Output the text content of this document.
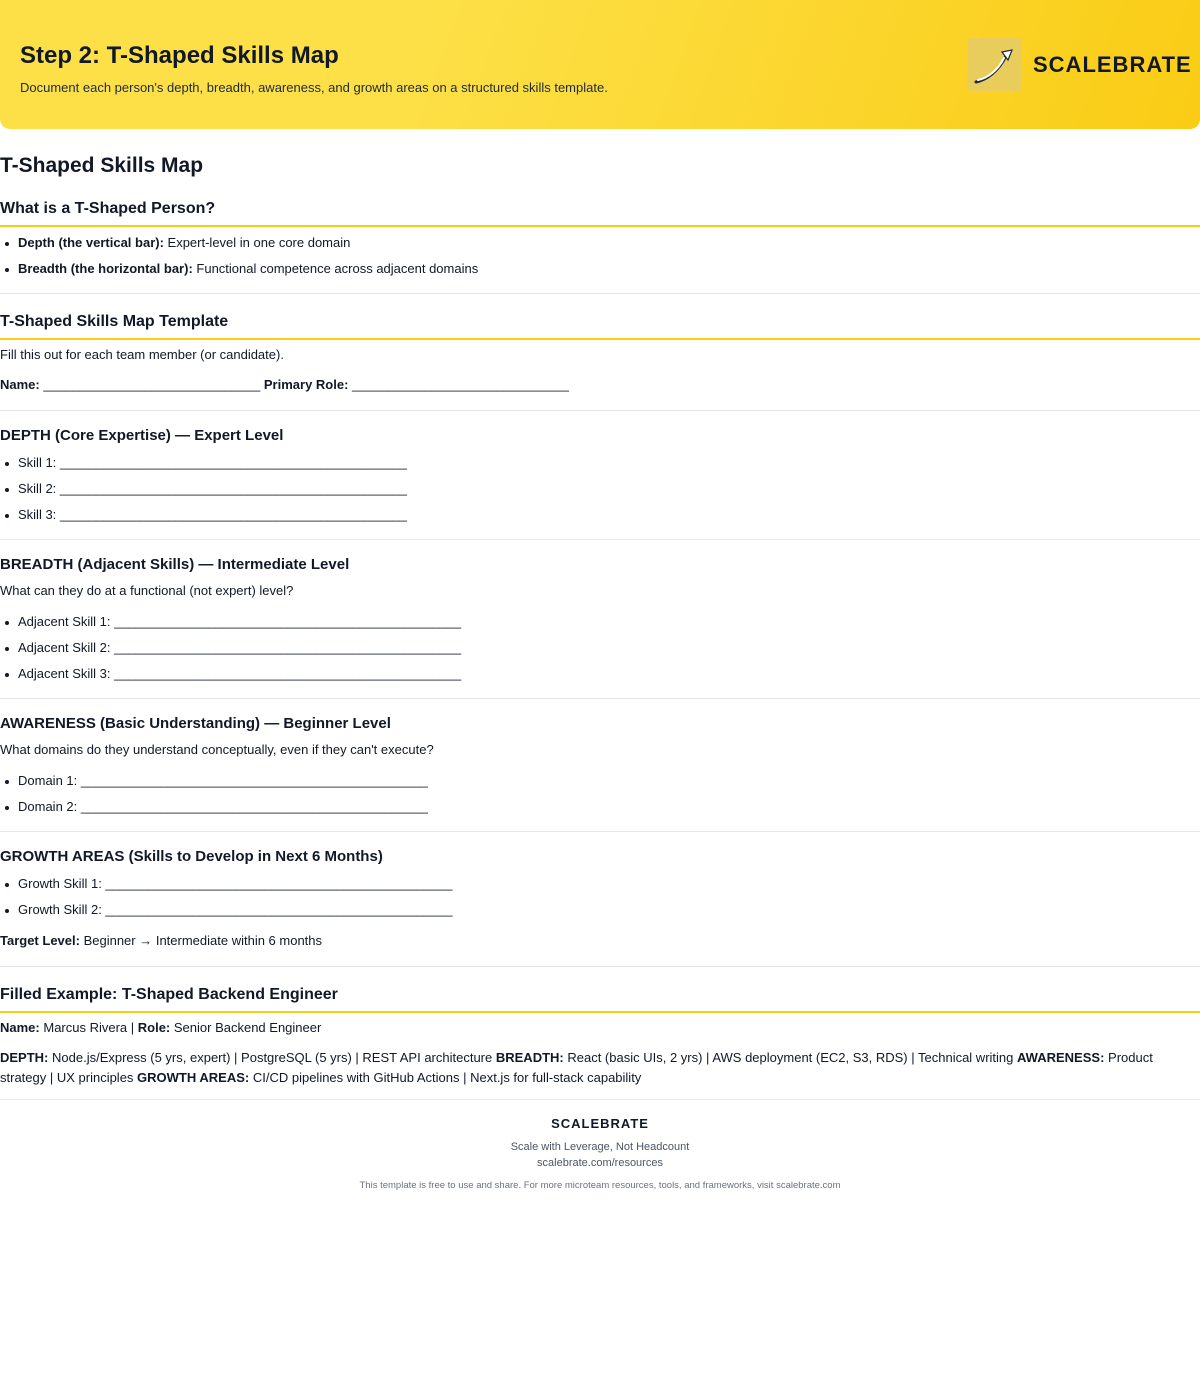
Step 2: T-Shaped Skills Map
Document each person's depth, breadth, awareness, and growth areas on a structured skills template.
SCALEBRATE
T-Shaped Skills Map
What is a T-Shaped Person?
Depth (the vertical bar): Expert-level in one core domain
Breadth (the horizontal bar): Functional competence across adjacent domains
T-Shaped Skills Map Template
Fill this out for each team member (or candidate).
Name: ______________________________ Primary Role: ______________________________
DEPTH (Core Expertise) — Expert Level
Skill 1: ________________________________________________
Skill 2: ________________________________________________
Skill 3: ________________________________________________
BREADTH (Adjacent Skills) — Intermediate Level
What can they do at a functional (not expert) level?
Adjacent Skill 1: ________________________________________________
Adjacent Skill 2: ________________________________________________
Adjacent Skill 3: ________________________________________________
AWARENESS (Basic Understanding) — Beginner Level
What domains do they understand conceptually, even if they can't execute?
Domain 1: ________________________________________________
Domain 2: ________________________________________________
GROWTH AREAS (Skills to Develop in Next 6 Months)
Growth Skill 1: ________________________________________________
Growth Skill 2: ________________________________________________
Target Level: Beginner → Intermediate within 6 months
Filled Example: T-Shaped Backend Engineer
Name: Marcus Rivera | Role: Senior Backend Engineer
DEPTH: Node.js/Express (5 yrs, expert) | PostgreSQL (5 yrs) | REST API architecture BREADTH: React (basic UIs, 2 yrs) | AWS deployment (EC2, S3, RDS) | Technical writing AWARENESS: Product strategy | UX principles GROWTH AREAS: CI/CD pipelines with GitHub Actions | Next.js for full-stack capability
SCALEBRATE
Scale with Leverage, Not Headcount
scalebrate.com/resources
This template is free to use and share. For more microteam resources, tools, and frameworks, visit scalebrate.com
